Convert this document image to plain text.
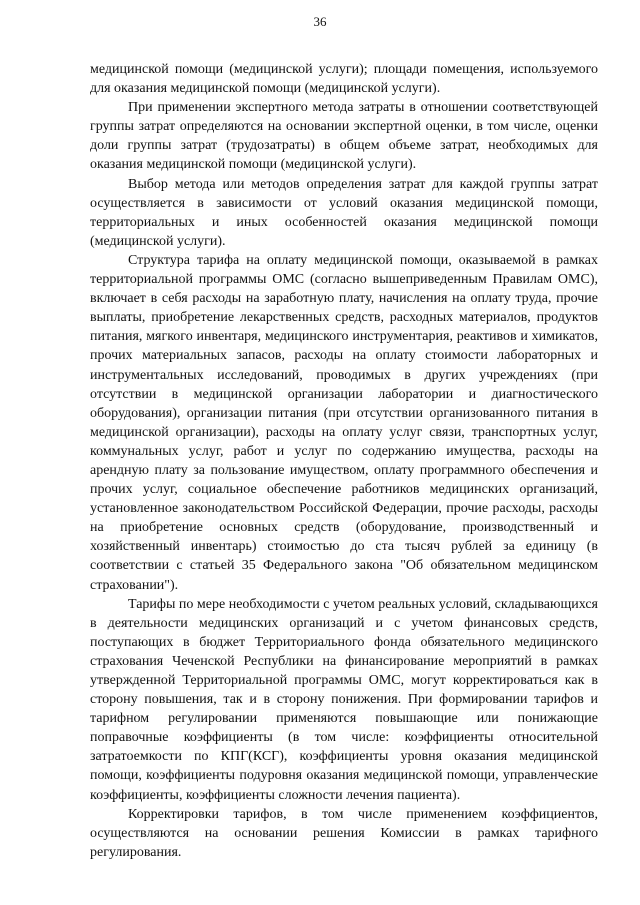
36

медицинской помощи (медицинской услуги); площади помещения, используемого для оказания медицинской помощи (медицинской услуги).

При применении экспертного метода затраты в отношении соответствующей группы затрат определяются на основании экспертной оценки, в том числе, оценки доли группы затрат (трудозатраты) в общем объеме затрат, необходимых для оказания медицинской помощи (медицинской услуги).

Выбор метода или методов определения затрат для каждой группы затрат осуществляется в зависимости от условий оказания медицинской помощи, территориальных и иных особенностей оказания медицинской помощи (медицинской услуги).

Структура тарифа на оплату медицинской помощи, оказываемой в рамках территориальной программы ОМС (согласно вышеприведенным Правилам ОМС), включает в себя расходы на заработную плату, начисления на оплату труда, прочие выплаты, приобретение лекарственных средств, расходных материалов, продуктов питания, мягкого инвентаря, медицинского инструментария, реактивов и химикатов, прочих материальных запасов, расходы на оплату стоимости лабораторных и инструментальных исследований, проводимых в других учреждениях (при отсутствии в медицинской организации лаборатории и диагностического оборудования), организации питания (при отсутствии организованного питания в медицинской организации), расходы на оплату услуг связи, транспортных услуг, коммунальных услуг, работ и услуг по содержанию имущества, расходы на арендную плату за пользование имуществом, оплату программного обеспечения и прочих услуг, социальное обеспечение работников медицинских организаций, установленное законодательством Российской Федерации, прочие расходы, расходы на приобретение основных средств (оборудование, производственный и хозяйственный инвентарь) стоимостью до ста тысяч рублей за единицу (в соответствии с статьей 35 Федерального закона "Об обязательном медицинском страховании").

Тарифы по мере необходимости с учетом реальных условий, складывающихся в деятельности медицинских организаций и с учетом финансовых средств, поступающих в бюджет Территориального фонда обязательного медицинского страхования Чеченской Республики на финансирование мероприятий в рамках утвержденной Территориальной программы ОМС, могут корректироваться как в сторону повышения, так и в сторону понижения. При формировании тарифов и тарифном регулировании применяются повышающие или понижающие поправочные коэффициенты (в том числе: коэффициенты относительной затратоемкости по КПГ(КСГ), коэффициенты уровня оказания медицинской помощи, коэффициенты подуровня оказания медицинской помощи, управленческие коэффициенты, коэффициенты сложности лечения пациента).

Корректировки тарифов, в том числе применением коэффициентов, осуществляются на основании решения Комиссии в рамках тарифного регулирования.
